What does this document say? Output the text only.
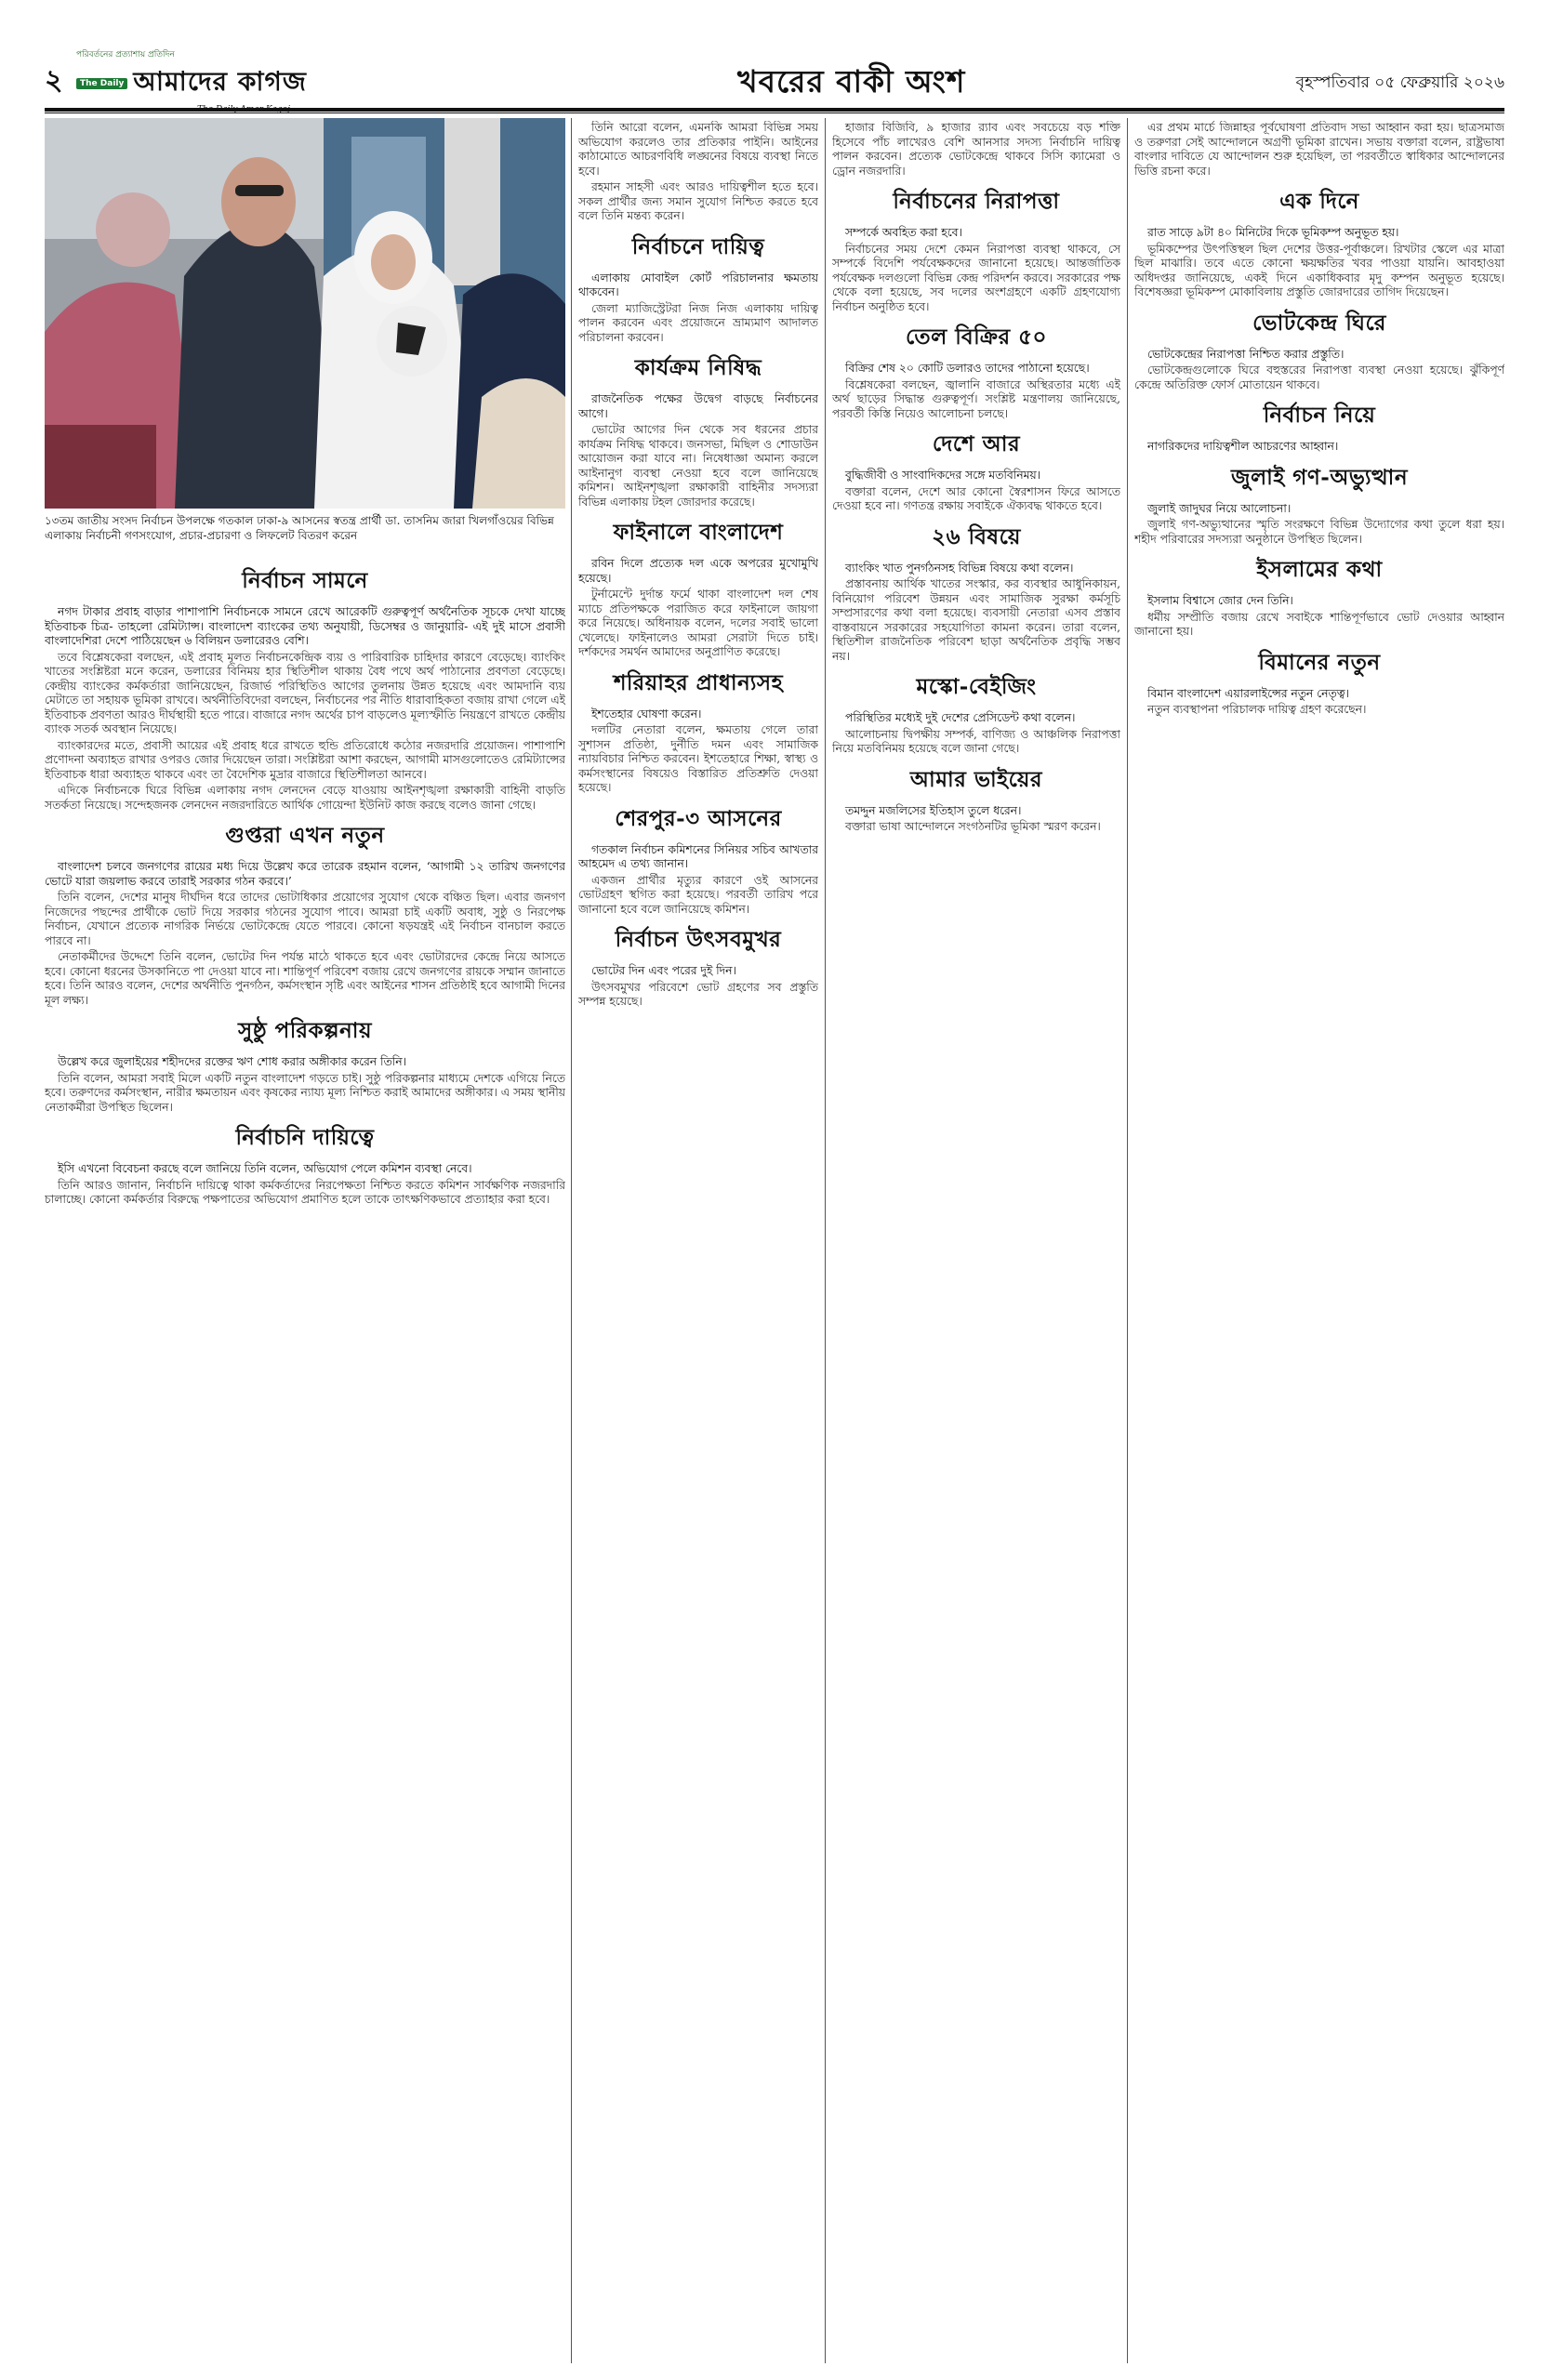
২
পরিবর্তনের প্রত্যাশায় প্রতিদিন
The Daily আমাদের কাগজ	খবরের বাকী অংশ	বৃহস্পতিবার ০৫ ফেব্রুয়ারি ২০২৬
১৩তম জাতীয় সংসদ নির্বাচন উপলক্ষে গতকাল ঢাকা-৯ আসনের স্বতন্ত্র প্রার্থী ডা. তাসনিম জারা খিলগাঁওয়ের বিভিন্ন এলাকায় নির্বাচনী গণসংযোগ, প্রচার-প্রচারণা ও লিফলেট বিতরণ করেন
নির্বাচন সামনে

নগদ টাকার প্রবাহ বাড়ার পাশাপাশি নির্বাচনকে সামনে রেখে আরেকটি গুরুত্বপূর্ণ অর্থনৈতিক সূচকে দেখা যাচ্ছে ইতিবাচক চিত্র- তাহলো রেমিট্যান্স। বাংলাদেশ ব্যাংকের তথ্য অনুযায়ী, ডিসেম্বর ও জানুয়ারি- এই দুই মাসে প্রবাসী বাংলাদেশিরা দেশে পাঠিয়েছেন ৬ বিলিয়ন ডলারেরও বেশি।

তবে বিশ্লেষকেরা বলছেন, এই প্রবাহ মূলত নির্বাচনকেন্দ্রিক ব্যয় ও পারিবারিক চাহিদার কারণে বেড়েছে। ব্যাংকিং খাতের সংশ্লিষ্টরা মনে করেন, ডলারের বিনিময় হার স্থিতিশীল থাকায় বৈধ পথে অর্থ পাঠানোর প্রবণতা বেড়েছে। কেন্দ্রীয় ব্যাংকের কর্মকর্তারা জানিয়েছেন, রিজার্ভ পরিস্থিতিও আগের তুলনায় উন্নত হয়েছে এবং আমদানি ব্যয় মেটাতে তা সহায়ক ভূমিকা রাখবে। অর্থনীতিবিদেরা বলছেন, নির্বাচনের পর নীতি ধারাবাহিকতা বজায় রাখা গেলে এই ইতিবাচক প্রবণতা আরও দীর্ঘস্থায়ী হতে পারে। বাজারে নগদ অর্থের চাপ বাড়লেও মূল্যস্ফীতি নিয়ন্ত্রণে রাখতে কেন্দ্রীয় ব্যাংক সতর্ক অবস্থান নিয়েছে।

ব্যাংকারদের মতে, প্রবাসী আয়ের এই প্রবাহ ধরে রাখতে হুন্ডি প্রতিরোধে কঠোর নজরদারি প্রয়োজন। পাশাপাশি প্রণোদনা অব্যাহত রাখার ওপরও জোর দিয়েছেন তারা। সংশ্লিষ্টরা আশা করছেন, আগামী মাসগুলোতেও রেমিট্যান্সের ইতিবাচক ধারা অব্যাহত থাকবে এবং তা বৈদেশিক মুদ্রার বাজারে স্থিতিশীলতা আনবে।

এদিকে নির্বাচনকে ঘিরে বিভিন্ন এলাকায় নগদ লেনদেন বেড়ে যাওয়ায় আইনশৃঙ্খলা রক্ষাকারী বাহিনী বাড়তি সতর্কতা নিয়েছে। সন্দেহজনক লেনদেন নজরদারিতে আর্থিক গোয়েন্দা ইউনিট কাজ করছে বলেও জানা গেছে।

গুপ্তরা এখন নতুন

বাংলাদেশ চলবে জনগণের রায়ের মধ্য দিয়ে উল্লেখ করে তারেক রহমান বলেন, ‘আগামী ১২ তারিখ জনগণের ভোটে যারা জয়লাভ করবে তারাই সরকার গঠন করবে।’

তিনি বলেন, দেশের মানুষ দীর্ঘদিন ধরে তাদের ভোটাধিকার প্রয়োগের সুযোগ থেকে বঞ্চিত ছিল। এবার জনগণ নিজেদের পছন্দের প্রার্থীকে ভোট দিয়ে সরকার গঠনের সুযোগ পাবে। আমরা চাই একটি অবাধ, সুষ্ঠু ও নিরপেক্ষ নির্বাচন, যেখানে প্রত্যেক নাগরিক নির্ভয়ে ভোটকেন্দ্রে যেতে পারবে। কোনো ষড়যন্ত্রই এই নির্বাচন বানচাল করতে পারবে না।

নেতাকর্মীদের উদ্দেশে তিনি বলেন, ভোটের দিন পর্যন্ত মাঠে থাকতে হবে এবং ভোটারদের কেন্দ্রে নিয়ে আসতে হবে। কোনো ধরনের উসকানিতে পা দেওয়া যাবে না। শান্তিপূর্ণ পরিবেশ বজায় রেখে জনগণের রায়কে সম্মান জানাতে হবে। তিনি আরও বলেন, দেশের অর্থনীতি পুনর্গঠন, কর্মসংস্থান সৃষ্টি এবং আইনের শাসন প্রতিষ্ঠাই হবে আগামী দিনের মূল লক্ষ্য।

সুষ্ঠু পরিকল্পনায়

উল্লেখ করে জুলাইয়ের শহীদদের রক্তের ঋণ শোধ করার অঙ্গীকার করেন তিনি।

তিনি বলেন, আমরা সবাই মিলে একটি নতুন বাংলাদেশ গড়তে চাই। সুষ্ঠু পরিকল্পনার মাধ্যমে দেশকে এগিয়ে নিতে হবে। তরুণদের কর্মসংস্থান, নারীর ক্ষমতায়ন এবং কৃষকের ন্যায্য মূল্য নিশ্চিত করাই আমাদের অঙ্গীকার। এ সময় স্থানীয় নেতাকর্মীরা উপস্থিত ছিলেন।

নির্বাচনি দায়িত্বে

ইসি এখনো বিবেচনা করছে বলে জানিয়ে তিনি বলেন, অভিযোগ পেলে কমিশন ব্যবস্থা নেবে।

তিনি আরও জানান, নির্বাচনি দায়িত্বে থাকা কর্মকর্তাদের নিরপেক্ষতা নিশ্চিত করতে কমিশন সার্বক্ষণিক নজরদারি চালাচ্ছে। কোনো কর্মকর্তার বিরুদ্ধে পক্ষপাতের অভিযোগ প্রমাণিত হলে তাকে তাৎক্ষণিকভাবে প্রত্যাহার করা হবে।

তিনি আরো বলেন, এমনকি আমরা বিভিন্ন সময় অভিযোগ করলেও তার প্রতিকার পাইনি। আইনের কাঠামোতে আচরণবিধি লঙ্ঘনের বিষয়ে ব্যবস্থা নিতে হবে।

রহমান সাহসী এবং আরও দায়িত্বশীল হতে হবে। সকল প্রার্থীর জন্য সমান সুযোগ নিশ্চিত করতে হবে বলে তিনি মন্তব্য করেন।

নির্বাচনে দায়িত্ব

এলাকায় মোবাইল কোর্ট পরিচালনার ক্ষমতায় থাকবেন।

জেলা ম্যাজিস্ট্রেটরা নিজ নিজ এলাকায় দায়িত্ব পালন করবেন এবং প্রয়োজনে ভ্রাম্যমাণ আদালত পরিচালনা করবেন।

কার্যক্রম নিষিদ্ধ

রাজনৈতিক পক্ষের উদ্বেগ বাড়ছে নির্বাচনের আগে।

ভোটের আগের দিন থেকে সব ধরনের প্রচার কার্যক্রম নিষিদ্ধ থাকবে। জনসভা, মিছিল ও শোডাউন আয়োজন করা যাবে না। নিষেধাজ্ঞা অমান্য করলে আইনানুগ ব্যবস্থা নেওয়া হবে বলে জানিয়েছে কমিশন। আইনশৃঙ্খলা রক্ষাকারী বাহিনীর সদস্যরা বিভিন্ন এলাকায় টহল জোরদার করেছে।

ফাইনালে বাংলাদেশ

রবিন দিলে প্রত্যেক দল একে অপরের মুখোমুখি হয়েছে।

টুর্নামেন্টে দুর্দান্ত ফর্মে থাকা বাংলাদেশ দল শেষ ম্যাচে প্রতিপক্ষকে পরাজিত করে ফাইনালে জায়গা করে নিয়েছে। অধিনায়ক বলেন, দলের সবাই ভালো খেলেছে। ফাইনালেও আমরা সেরাটা দিতে চাই। দর্শকদের সমর্থন আমাদের অনুপ্রাণিত করেছে।

শরিয়াহর প্রাধান্যসহ

ইশতেহার ঘোষণা করেন।

দলটির নেতারা বলেন, ক্ষমতায় গেলে তারা সুশাসন প্রতিষ্ঠা, দুর্নীতি দমন এবং সামাজিক ন্যায়বিচার নিশ্চিত করবেন। ইশতেহারে শিক্ষা, স্বাস্থ্য ও কর্মসংস্থানের বিষয়েও বিস্তারিত প্রতিশ্রুতি দেওয়া হয়েছে।

শেরপুর-৩ আসনের

গতকাল নির্বাচন কমিশনের সিনিয়র সচিব আখতার আহমেদ এ তথ্য জানান।

একজন প্রার্থীর মৃত্যুর কারণে ওই আসনের ভোটগ্রহণ স্থগিত করা হয়েছে। পরবর্তী তারিখ পরে জানানো হবে বলে জানিয়েছে কমিশন।

নির্বাচন উৎসবমুখর

ভোটের দিন এবং পরের দুই দিন।

উৎসবমুখর পরিবেশে ভোট গ্রহণের সব প্রস্তুতি সম্পন্ন হয়েছে।

হাজার বিজিবি, ৯ হাজার র‍্যাব এবং সবচেয়ে বড় শক্তি হিসেবে পাঁচ লাখেরও বেশি আনসার সদস্য নির্বাচনি দায়িত্ব পালন করবেন। প্রত্যেক ভোটকেন্দ্রে থাকবে সিসি ক্যামেরা ও ড্রোন নজরদারি।

নির্বাচনের নিরাপত্তা

সম্পর্কে অবহিত করা হবে।

নির্বাচনের সময় দেশে কেমন নিরাপত্তা ব্যবস্থা থাকবে, সে সম্পর্কে বিদেশি পর্যবেক্ষকদের জানানো হয়েছে। আন্তর্জাতিক পর্যবেক্ষক দলগুলো বিভিন্ন কেন্দ্র পরিদর্শন করবে। সরকারের পক্ষ থেকে বলা হয়েছে, সব দলের অংশগ্রহণে একটি গ্রহণযোগ্য নির্বাচন অনুষ্ঠিত হবে।

তেল বিক্রির ৫০

বিক্রির শেষ ২০ কোটি ডলারও তাদের পাঠানো হয়েছে।

বিশ্লেষকেরা বলছেন, জ্বালানি বাজারে অস্থিরতার মধ্যে এই অর্থ ছাড়ের সিদ্ধান্ত গুরুত্বপূর্ণ। সংশ্লিষ্ট মন্ত্রণালয় জানিয়েছে, পরবর্তী কিস্তি নিয়েও আলোচনা চলছে।

দেশে আর

বুদ্ধিজীবী ও সাংবাদিকদের সঙ্গে মতবিনিময়।

বক্তারা বলেন, দেশে আর কোনো স্বৈরশাসন ফিরে আসতে দেওয়া হবে না। গণতন্ত্র রক্ষায় সবাইকে ঐক্যবদ্ধ থাকতে হবে।

২৬ বিষয়ে

ব্যাংকিং খাত পুনর্গঠনসহ বিভিন্ন বিষয়ে কথা বলেন।

প্রস্তাবনায় আর্থিক খাতের সংস্কার, কর ব্যবস্থার আধুনিকায়ন, বিনিয়োগ পরিবেশ উন্নয়ন এবং সামাজিক সুরক্ষা কর্মসূচি সম্প্রসারণের কথা বলা হয়েছে। ব্যবসায়ী নেতারা এসব প্রস্তাব বাস্তবায়নে সরকারের সহযোগিতা কামনা করেন। তারা বলেন, স্থিতিশীল রাজনৈতিক পরিবেশ ছাড়া অর্থনৈতিক প্রবৃদ্ধি সম্ভব নয়।

মস্কো-বেইজিং

পরিস্থিতির মধ্যেই দুই দেশের প্রেসিডেন্ট কথা বলেন।

আলোচনায় দ্বিপক্ষীয় সম্পর্ক, বাণিজ্য ও আঞ্চলিক নিরাপত্তা নিয়ে মতবিনিময় হয়েছে বলে জানা গেছে।

আমার ভাইয়ের

তমদ্দুন মজলিসের ইতিহাস তুলে ধরেন।

বক্তারা ভাষা আন্দোলনে সংগঠনটির ভূমিকা স্মরণ করেন।

এর প্রথম মার্চে জিন্নাহর পূর্বঘোষণা প্রতিবাদ সভা আহ্বান করা হয়। ছাত্রসমাজ ও তরুণরা সেই আন্দোলনে অগ্রণী ভূমিকা রাখেন। সভায় বক্তারা বলেন, রাষ্ট্রভাষা বাংলার দাবিতে যে আন্দোলন শুরু হয়েছিল, তা পরবর্তীতে স্বাধিকার আন্দোলনের ভিত্তি রচনা করে।

এক দিনে

রাত সাড়ে ৯টা ৪০ মিনিটের দিকে ভূমিকম্প অনুভূত হয়।

ভূমিকম্পের উৎপত্তিস্থল ছিল দেশের উত্তর-পূর্বাঞ্চলে। রিখটার স্কেলে এর মাত্রা ছিল মাঝারি। তবে এতে কোনো ক্ষয়ক্ষতির খবর পাওয়া যায়নি। আবহাওয়া অধিদপ্তর জানিয়েছে, একই দিনে একাধিকবার মৃদু কম্পন অনুভূত হয়েছে। বিশেষজ্ঞরা ভূমিকম্প মোকাবিলায় প্রস্তুতি জোরদারের তাগিদ দিয়েছেন।

ভোটকেন্দ্র ঘিরে

ভোটকেন্দ্রের নিরাপত্তা নিশ্চিত করার প্রস্তুতি।

ভোটকেন্দ্রগুলোকে ঘিরে বহুস্তরের নিরাপত্তা ব্যবস্থা নেওয়া হয়েছে। ঝুঁকিপূর্ণ কেন্দ্রে অতিরিক্ত ফোর্স মোতায়েন থাকবে।

নির্বাচন নিয়ে

নাগরিকদের দায়িত্বশীল আচরণের আহ্বান।

জুলাই গণ-অভ্যুত্থান

জুলাই জাদুঘর নিয়ে আলোচনা।

জুলাই গণ-অভ্যুত্থানের স্মৃতি সংরক্ষণে বিভিন্ন উদ্যোগের কথা তুলে ধরা হয়। শহীদ পরিবারের সদস্যরা অনুষ্ঠানে উপস্থিত ছিলেন।

ইসলামের কথা

ইসলাম বিশ্বাসে জোর দেন তিনি।

ধর্মীয় সম্প্রীতি বজায় রেখে সবাইকে শান্তিপূর্ণভাবে ভোট দেওয়ার আহ্বান জানানো হয়।

বিমানের নতুন

বিমান বাংলাদেশ এয়ারলাইন্সের নতুন নেতৃত্ব।

নতুন ব্যবস্থাপনা পরিচালক দায়িত্ব গ্রহণ করেছেন।
